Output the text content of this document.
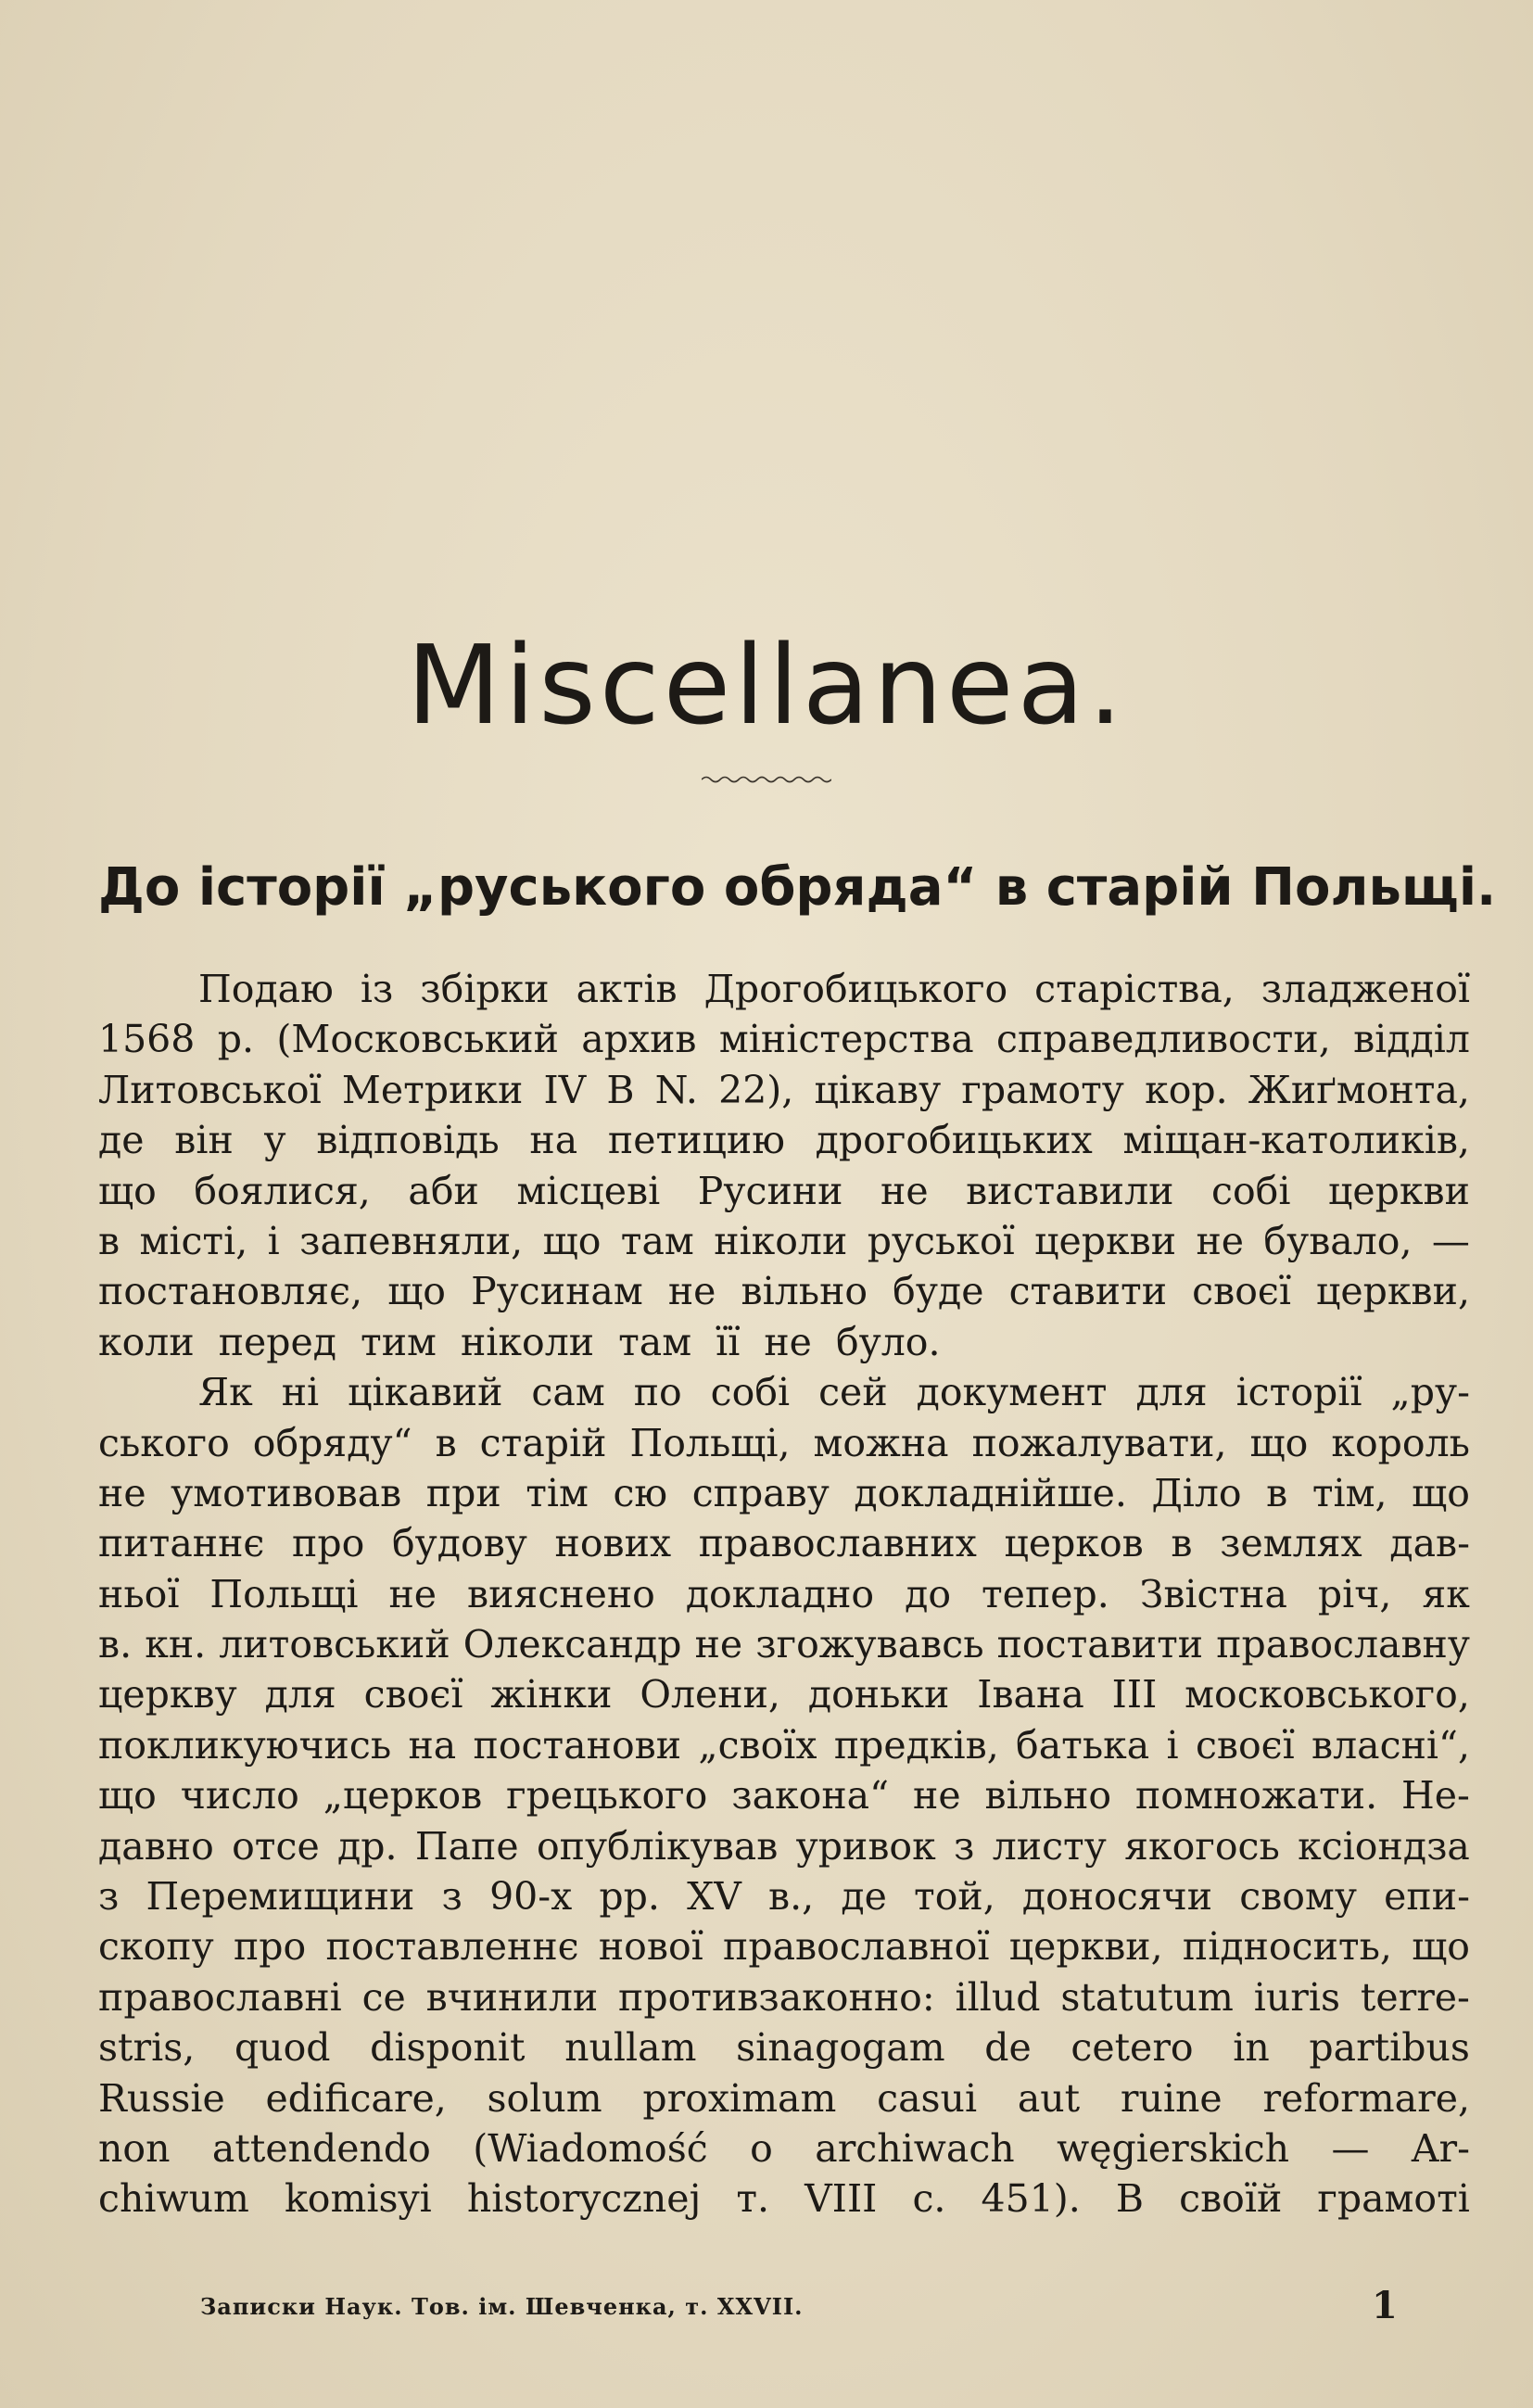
Miscellanea.
До історії „руського обряда“ в старій Польщі.
Подаю із збірки актів Дрогобицького старіства, зладженої
1568 р. (Московський архив міністерства справедливости, відділ
Литовської Метрики IV B N. 22), цікаву грамоту кор. Жиґмонта,
де він у відповідь на петицию дрогобицьких міщан-католиків,
що боялися, аби місцеві Русини не виставили собі церкви
в місті, і запевняли, що там ніколи руської церкви не бувало, —
постановляє, що Русинам не вільно буде ставити своєї церкви,
коли перед тим ніколи там її не було.
Як ні цікавий сам по собі сей документ для історії „ру-
ського обряду“ в старій Польщі, можна пожалувати, що король
не умотивовав при тім сю справу докладнійше. Діло в тім, що
питаннє про будову нових православних церков в землях дав-
ньої Польщі не вияснено докладно до тепер. Звістна річ, як
в. кн. литовський Олександр не згожувавсь поставити православну
церкву для своєї жінки Олени, доньки Івана III московського,
покликуючись на постанови „своїх предків, батька і своєї власні“,
що число „церков грецького закона“ не вільно помножати. Не-
давно отсе др. Папе опублікував уривок з листу якогось ксіондза
з Перемищини з 90-х рр. XV в., де той, доносячи свому епи-
скопу про поставленнє нової православної церкви, підносить, що
православні се вчинили противзаконно: illud statutum iuris terre-
stris, quod disponit nullam sinagogam de cetero in partibus
Russie edificare, solum proximam casui aut ruine reformare,
non attendendo (Wiadomość o archiwach węgierskich — Ar-
chiwum komisyi historycznej т. VIII с. 451). В своїй грамоті
Записки Наук. Тов. ім. Шевченка, т. XXVII.	1
